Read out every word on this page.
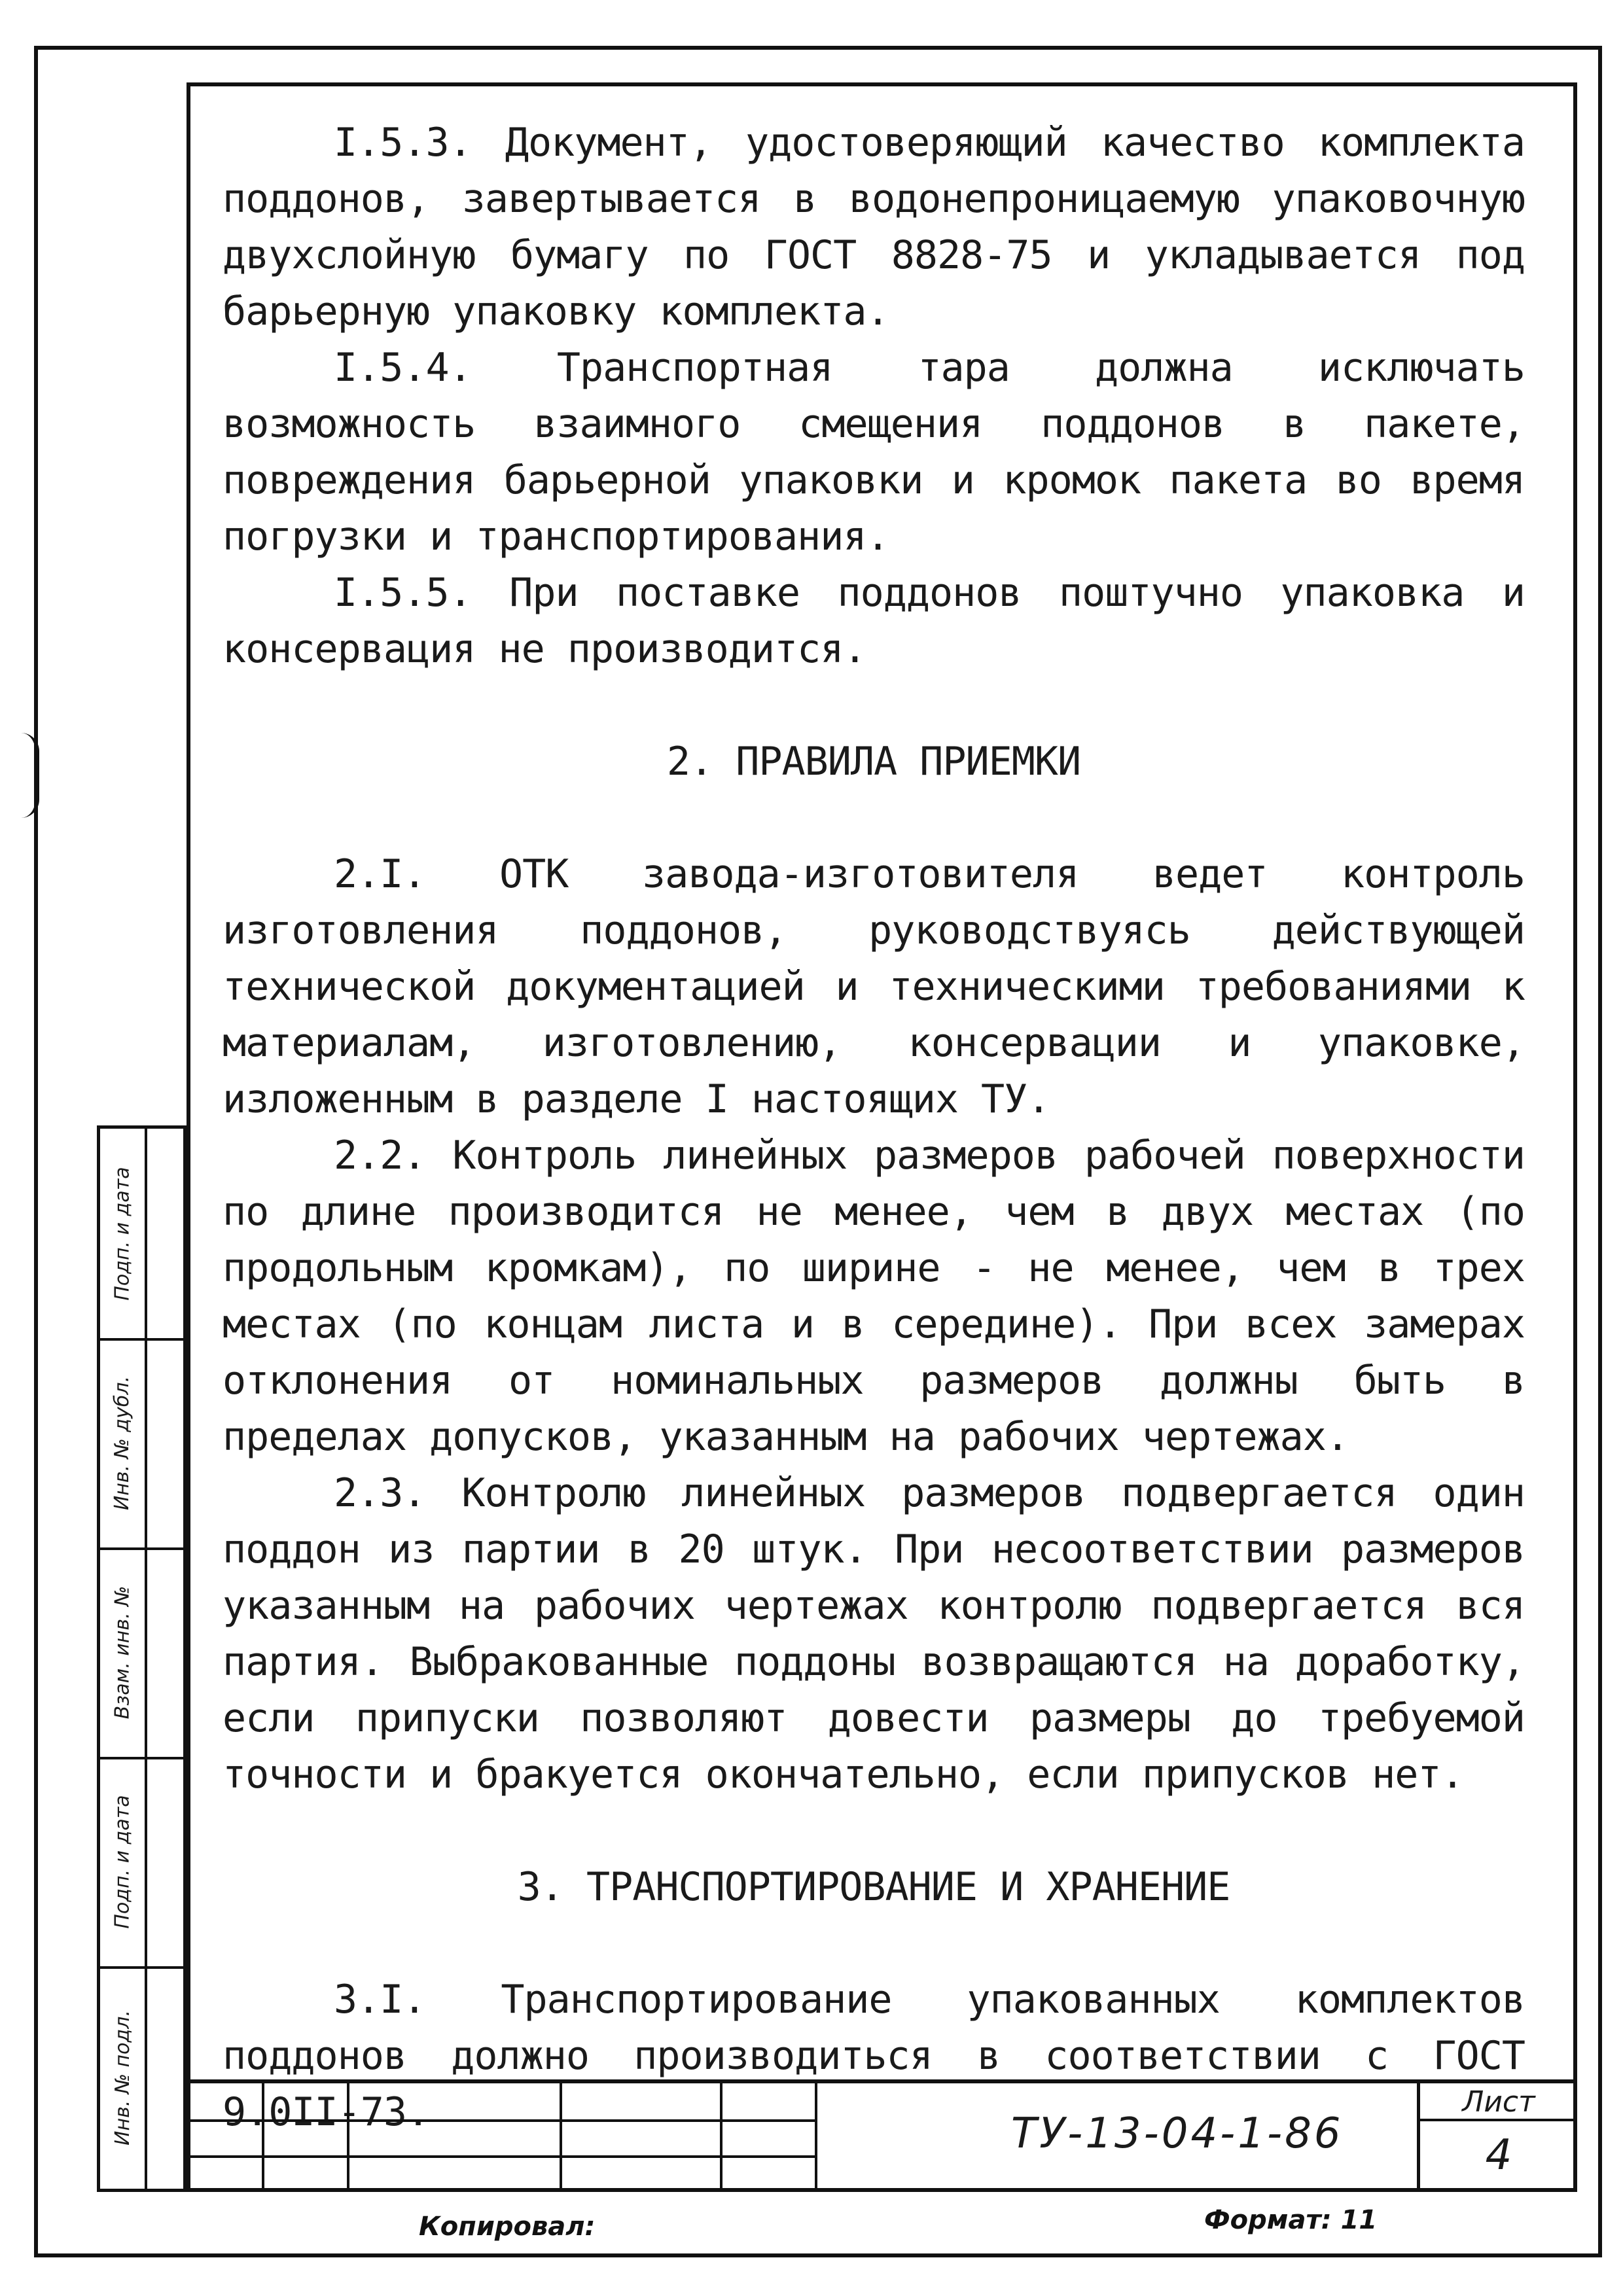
I.5.3. Документ, удостоверяющий качество комплекта поддонов, завертывается в водонепроницаемую упаковочную двухслойную бумагу по ГОСТ 8828-75 и укладывается под барьерную упаковку комплекта.

I.5.4. Транспортная тара должна исключать возможность взаимного смещения поддонов в пакете, повреждения барьерной упаковки и кромок пакета во время погрузки и транспортирования.

I.5.5. При поставке поддонов поштучно упаковка и консервация не производится.

2. ПРАВИЛА ПРИЕМКИ

2.I. ОТК завода-изготовителя ведет контроль изготовления поддонов, руководствуясь действующей технической документацией и техническими требованиями к материалам, изготовлению, консервации и упаковке, изложенным в разделе I настоящих ТУ.

2.2. Контроль линейных размеров рабочей поверхности по длине производится не менее, чем в двух местах (по продольным кромкам), по ширине - не менее, чем в трех местах (по концам листа и в середине). При всех замерах отклонения от номинальных размеров должны быть в пределах допусков, указанным на рабочих чертежах.

2.3. Контролю линейных размеров подвергается один поддон из партии в 20 штук. При несоответствии размеров указанным на рабочих чертежах контролю подвергается вся партия. Выбракованные поддоны возвращаются на доработку, если припуски позволяют довести размеры до требуемой точности и бракуется окончательно, если припусков нет.

3. ТРАНСПОРТИРОВАНИЕ И ХРАНЕНИЕ

3.I. Транспортирование упакованных комплектов поддонов должно производиться в соответствии с ГОСТ 9.0II-73.

Подп. и дата
Инв. № дубл.
Взам. инв. №
Подп. и дата
Инв. № подл.	ТУ-13-04-1-86
Лист
4
Копировал:	Формат: 11
